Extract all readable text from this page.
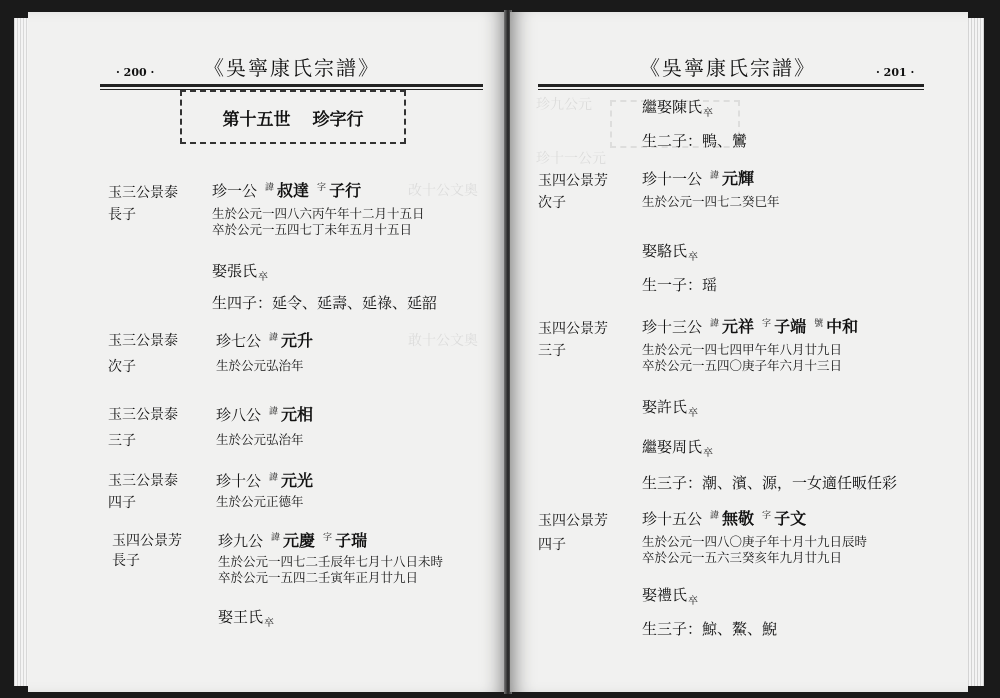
· 200 · 《吳寧康氏宗譜》
第十五世 珍字行
改十公文奧
敢十公文奧
玉三公景泰
長子
珍一公 $^諱$ 叔達 $^字$ 子行
生於公元一四八六丙午年十二月十五日
卒於公元一五四七丁未年五月十五日
娶張氏$_卒$
生四子：延令、延壽、延祿、延韶
玉三公景泰
次子
珍七公 $^諱$ 元升
生於公元弘治年
玉三公景泰
三子
珍八公 $^諱$ 元相
生於公元弘治年
玉三公景泰
四子
珍十公 $^諱$ 元光
生於公元正德年
玉四公景芳
長子
珍九公 $^諱$ 元慶 $^字$ 子瑞
生於公元一四七二壬辰年七月十八日未時
卒於公元一五四二壬寅年正月廿九日
娶王氏$_卒$
《吳寧康氏宗譜》	· 201 ·
珍九公元
珍十一公元
繼娶陳氏$_卒$
生二子：鴨、鸞
玉四公景芳
次子
珍十一公 $^諱$ 元輝
生於公元一四七二癸巳年
娶駱氏$_卒$
生一子：瑶
玉四公景芳
三子
珍十三公 $^諱$ 元祥 $^字$ 子端 $^號$ 中和
生於公元一四七四甲午年八月廿九日
卒於公元一五四〇庚子年六月十三日
娶許氏$_卒$
繼娶周氏$_卒$
生三子：潮、濱、源，一女適任畈任彩
玉四公景芳
四子
珍十五公 $^諱$ 無敬 $^字$ 子文
生於公元一四八〇庚子年十月十九日辰時
卒於公元一五六三癸亥年九月廿九日
娶禮氏$_卒$
生三子：鯨、鰲、鯢
